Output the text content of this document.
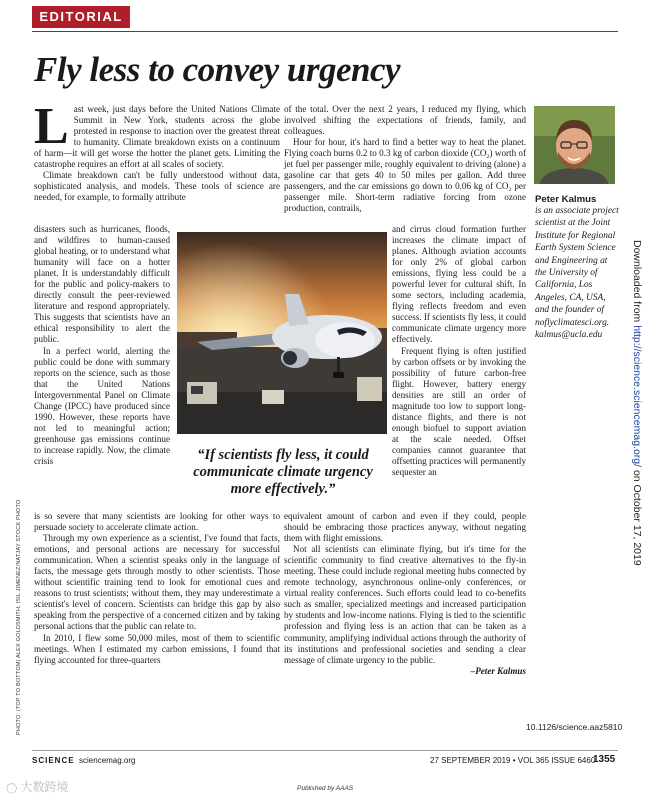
EDITORIAL
Fly less to convey urgency

Last week, just days before the United Nations Climate Summit in New York, students across the globe protested in response to inaction over the greatest threat to humanity. Climate breakdown exists on a continuum of harm—it will get worse the hotter the planet gets. Limiting the catastrophe requires an effort at all scales of society.

Climate breakdown can't be fully understood without data, sophisticated analysis, and models. These tools of science are needed, for example, to formally attribute

disasters such as hurricanes, floods, and wildfires to human-caused global heating, or to understand what humanity will face on a hotter planet. It is understandably difficult for the public and policy-makers to directly consult the peer-reviewed literature and respond appropriately. This suggests that scientists have an ethical responsibility to alert the public.

In a perfect world, alerting the public could be done with summary reports on the science, such as those that the United Nations Intergovernmental Panel on Climate Change (IPCC) have produced since 1990. However, these reports have not led to meaningful action; greenhouse gas emissions continue to increase rapidly. Now, the climate crisis

is so severe that many scientists are looking for other ways to persuade society to accelerate climate action.

Through my own experience as a scientist, I've found that facts, emotions, and personal actions are necessary for successful communication. When a scientist speaks only in the language of facts, the message gets through mostly to other scientists. Those without scientific training tend to look for emotional cues and reasons to trust scientists; without them, they may underestimate a scientist's level of concern. Scientists can bridge this gap by also speaking from the perspective of a concerned citizen and by taking personal actions that the public can relate to.

In 2010, I flew some 50,000 miles, most of them to scientific meetings. When I estimated my carbon emissions, I found that flying accounted for three-quarters

of the total. Over the next 2 years, I reduced my flying, which involved shifting the expectations of friends, family, and colleagues.

Hour for hour, it's hard to find a better way to heat the planet. Flying coach burns 0.2 to 0.3 kg of carbon dioxide (CO₂) worth of jet fuel per passenger mile, roughly equivalent to driving (alone) a gasoline car that gets 40 to 50 miles per gallon. Add three passengers, and the car emissions go down to 0.06 kg of CO₂ per passenger mile. Short-term radiative forcing from ozone production, contrails,

and cirrus cloud formation further increases the climate impact of planes. Although aviation accounts for only 2% of global carbon emissions, flying less could be a powerful lever for cultural shift. In some sectors, including academia, flying reflects freedom and even success. If scientists fly less, it could communicate climate urgency more effectively.

Frequent flying is often justified by carbon offsets or by invoking the possibility of future carbon-free flight. However, battery energy densities are still an order of magnitude too low to support long-distance flights, and there is not enough biofuel to support aviation at the scale needed. Offset companies cannot guarantee that offsetting practices will permanently sequester an

equivalent amount of carbon and even if they could, people should be embracing those practices anyway, without negating them with flight emissions.

Not all scientists can eliminate flying, but it's time for the scientific community to find creative alternatives to the fly-in meeting. These could include regional meeting hubs connected by remote technology, asynchronous online-only conferences, or virtual reality conferences. Such efforts could lead to co-benefits such as smaller, specialized meetings and increased participation by students and low-income nations. Flying is tied to the scientific profession and flying less is an action that can be taken as a community, amplifying individual actions through the authority of its institutions and professional societies and sending a clear message of climate urgency to the public.

–Peter Kalmus

“If scientists fly less, it could communicate climate urgency more effectively.”
Peter Kalmus
is an associate project scientist at the Joint Institute for Regional Earth System Science and Engineering at the University of California, Los Angeles, CA, USA, and the founder of noflyclimatesci.org. kalmus@ucla.edu
Downloaded from http://science.sciencemag.org/ on October 17, 2019
PHOTO: (TOP TO BOTTOM) ALEX GOLDSMITH; ISIL JIMENEZ/NATJAY STOCK PHOTO	10.1126/science.aaz5810
SCIENCE sciencemag.org	27 SEPTEMBER 2019 • VOL 365 ISSUE 6460
1355
Published by AAAS
◯ 大数跨境
